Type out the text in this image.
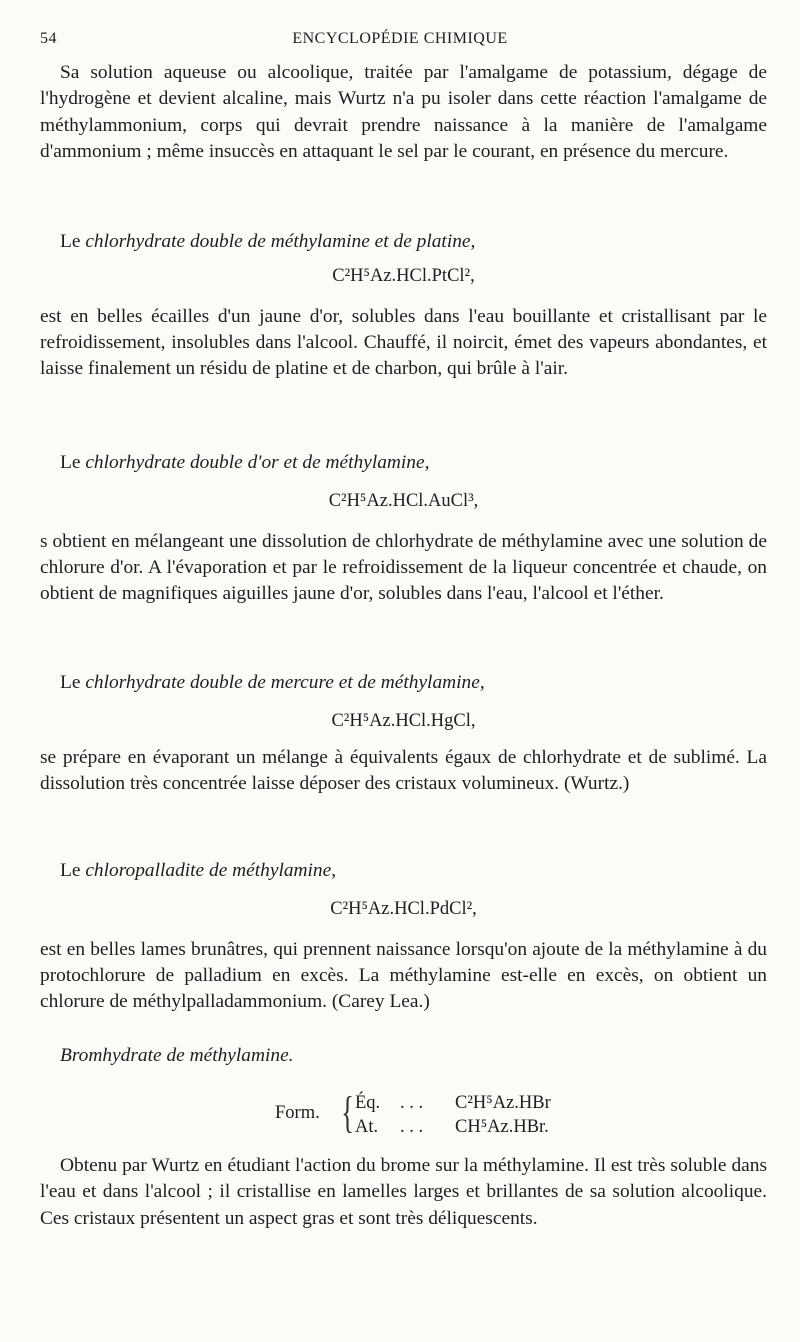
54	ENCYCLOPÉDIE CHIMIQUE

Sa solution aqueuse ou alcoolique, traitée par l'amalgame de potassium, dégage de l'hydrogène et devient alcaline, mais Wurtz n'a pu isoler dans cette réaction l'amalgame de méthylammonium, corps qui devrait prendre naissance à la manière de l'amalgame d'ammonium ; même insuccès en attaquant le sel par le courant, en présence du mercure.

Le chlorhydrate double de méthylamine et de platine,

C²H⁵Az.HCl.PtCl²,

est en belles écailles d'un jaune d'or, solubles dans l'eau bouillante et cristallisant par le refroidissement, insolubles dans l'alcool. Chauffé, il noircit, émet des vapeurs abondantes, et laisse finalement un résidu de platine et de charbon, qui brûle à l'air.

Le chlorhydrate double d'or et de méthylamine,

C²H⁵Az.HCl.AuCl³,

s obtient en mélangeant une dissolution de chlorhydrate de méthylamine avec une solution de chlorure d'or. A l'évaporation et par le refroidissement de la liqueur concentrée et chaude, on obtient de magnifiques aiguilles jaune d'or, solubles dans l'eau, l'alcool et l'éther.

Le chlorhydrate double de mercure et de méthylamine,

C²H⁵Az.HCl.HgCl,

se prépare en évaporant un mélange à équivalents égaux de chlorhydrate et de sublimé. La dissolution très concentrée laisse déposer des cristaux volumineux. (Wurtz.)

Le chloropalladite de méthylamine,

C²H⁵Az.HCl.PdCl²,

est en belles lames brunâtres, qui prennent naissance lorsqu'on ajoute de la méthylamine à du protochlorure de palladium en excès. La méthylamine est-elle en excès, on obtient un chlorure de méthylpalladammonium. (Carey Lea.)

Bromhydrate de méthylamine.

Form. { Éq. . . . C²H⁵Az.HBr
At. . . . CH⁵Az.HBr.

Obtenu par Wurtz en étudiant l'action du brome sur la méthylamine. Il est très soluble dans l'eau et dans l'alcool ; il cristallise en lamelles larges et brillantes de sa solution alcoolique. Ces cristaux présentent un aspect gras et sont très déliquescents.
